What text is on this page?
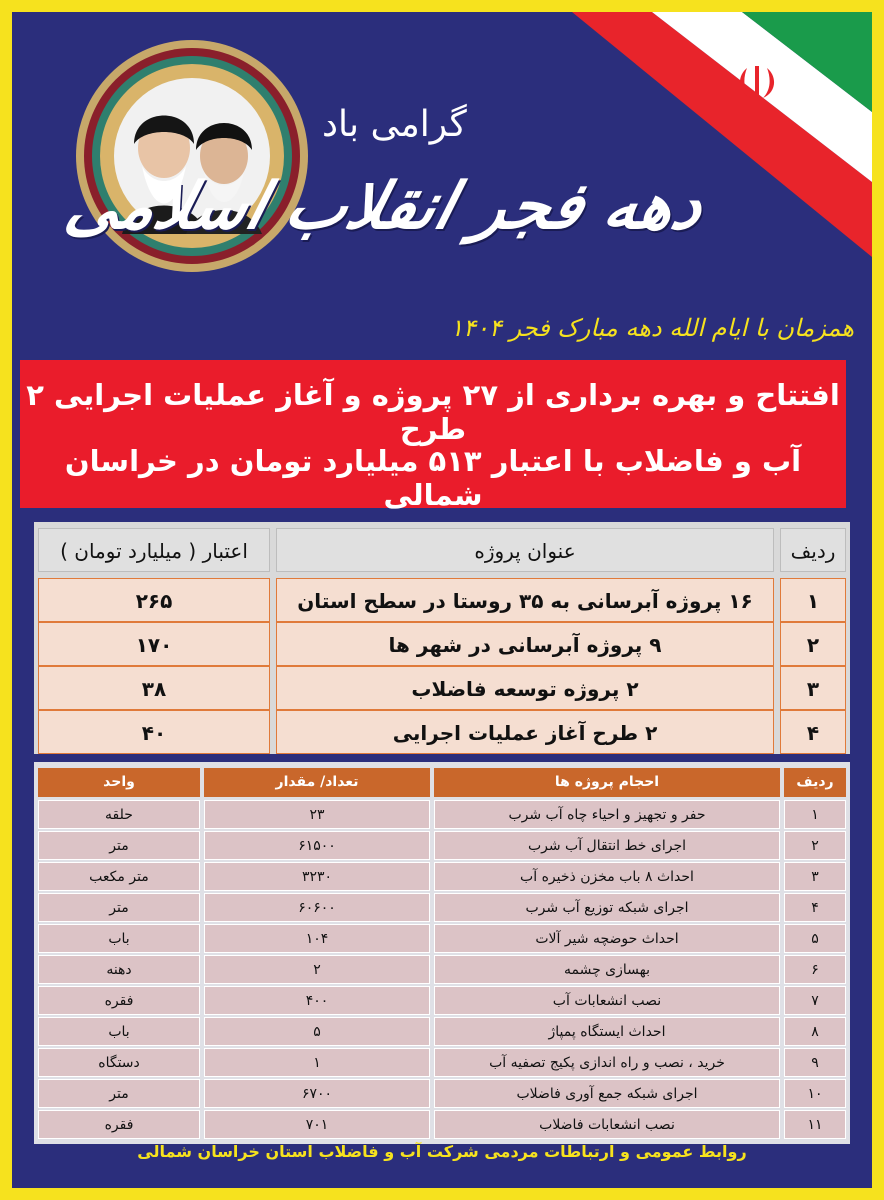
گرامی باد
دهه فجر انقلاب اسلامی
همزمان با ایام الله دهه مبارک فجر ۱۴۰۴
افتتاح و بهره برداری از ۲۷ پروژه و آغاز عملیات اجرایی ۲ طرح
آب و فاضلاب با اعتبار ۵۱۳ میلیارد تومان در خراسان شمالی
ردیف
عنوان پروژه
اعتبار ( میلیارد تومان )
۱
۱۶ پروژه آبرسانی به ۳۵ روستا در سطح استان
۲۶۵
۲
۹ پروژه آبرسانی در شهر ها
۱۷۰
۳
۲ پروژه توسعه فاضلاب
۳۸
۴
۲ طرح آغاز عملیات اجرایی
۴۰
ردیف
احجام پروژه ها
تعداد/ مقدار
واحد
۱
حفر و تجهیز و احیاء چاه آب شرب
۲۳
حلقه
۲
اجرای خط انتقال آب شرب
۶۱۵۰۰
متر
۳
احداث ۸ باب مخزن ذخیره آب
۳۲۳۰
متر مکعب
۴
اجرای شبکه توزیع آب شرب
۶۰۶۰۰
متر
۵
احداث حوضچه شیر آلات
۱۰۴
باب
۶
بهسازی چشمه
۲
دهنه
۷
نصب انشعابات آب
۴۰۰
فقره
۸
احداث ایستگاه پمپاژ
۵
باب
۹
خرید ، نصب و راه اندازی پکیج تصفیه آب
۱
دستگاه
۱۰
اجرای شبکه جمع آوری فاضلاب
۶۷۰۰
متر
۱۱
نصب انشعابات فاضلاب
۷۰۱
فقره
روابط عمومی و ارتباطات مردمی شرکت آب و فاضلاب استان خراسان شمالی
